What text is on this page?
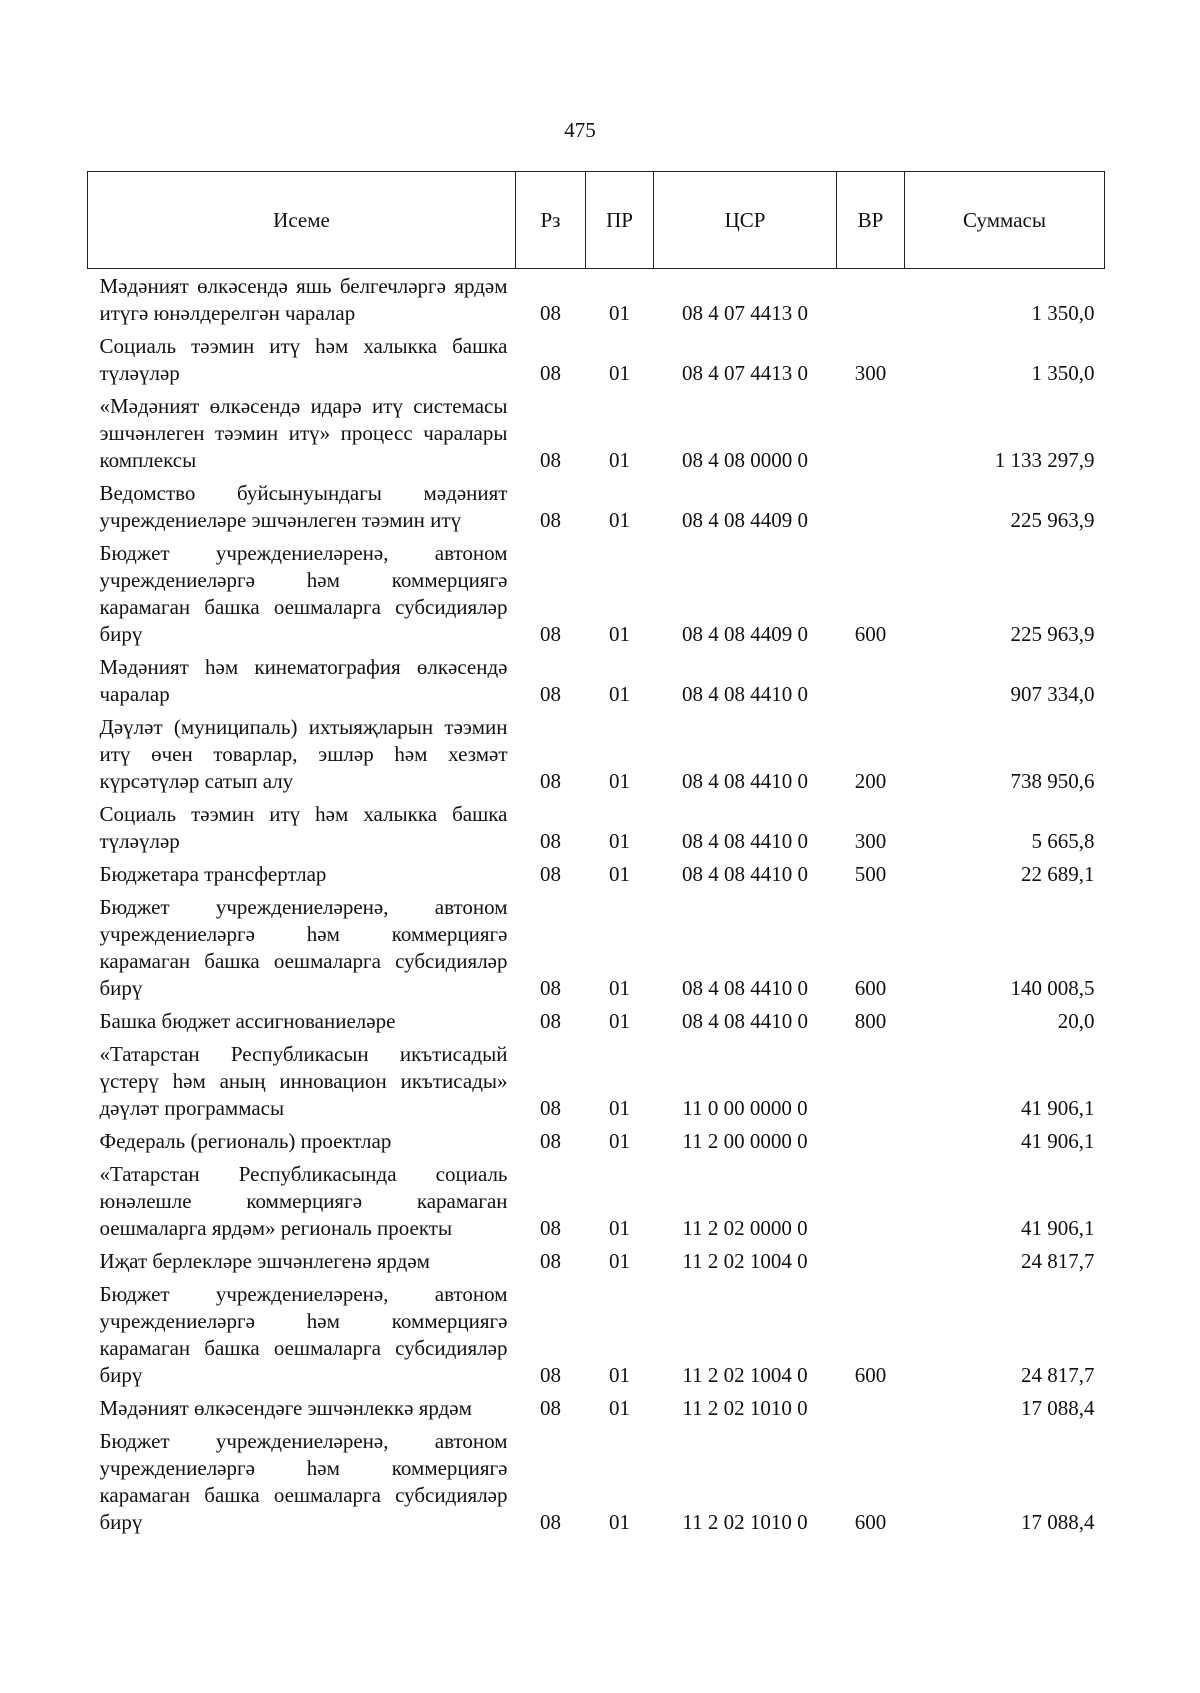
475
Исеме	Рз	ПР	ЦСР	ВР	Суммасы
Мәдәният өлкәсендә яшь белгечләргә ярдәм итүгә юнәлдерелгән чаралар	08	01	08 4 07 4413 0		1 350,0
Социаль тәэмин итү һәм халыкка башка түләүләр	08	01	08 4 07 4413 0	300	1 350,0
«Мәдәният өлкәсендә идарә итү системасы эшчәнлеген тәэмин итү» процесс чаралары комплексы	08	01	08 4 08 0000 0		1 133 297,9
Ведомство буйсынуындагы мәдәният учреждениеләре эшчәнлеген тәэмин итү	08	01	08 4 08 4409 0		225 963,9
Бюджет учреждениеләренә, автоном учреждениеләргә һәм коммерциягә карамаган башка оешмаларга субсидияләр бирү	08	01	08 4 08 4409 0	600	225 963,9
Мәдәният һәм кинематография өлкәсендә чаралар	08	01	08 4 08 4410 0		907 334,0
Дәүләт (муниципаль) ихтыяҗларын тәэмин итү өчен товарлар, эшләр һәм хезмәт күрсәтүләр сатып алу	08	01	08 4 08 4410 0	200	738 950,6
Социаль тәэмин итү һәм халыкка башка түләүләр	08	01	08 4 08 4410 0	300	5 665,8
Бюджетара трансфертлар	08	01	08 4 08 4410 0	500	22 689,1
Бюджет учреждениеләренә, автоном учреждениеләргә һәм коммерциягә карамаган башка оешмаларга субсидияләр бирү	08	01	08 4 08 4410 0	600	140 008,5
Башка бюджет ассигнованиеләре	08	01	08 4 08 4410 0	800	20,0
«Татарстан Республикасын икътисадый үстерү һәм аның инновацион икътисады» дәүләт программасы	08	01	11 0 00 0000 0		41 906,1
Федераль (региональ) проектлар	08	01	11 2 00 0000 0		41 906,1
«Татарстан Республикасында социаль юнәлешле коммерциягә карамаган оешмаларга ярдәм» региональ проекты	08	01	11 2 02 0000 0		41 906,1
Иҗат берлекләре эшчәнлегенә ярдәм	08	01	11 2 02 1004 0		24 817,7
Бюджет учреждениеләренә, автоном учреждениеләргә һәм коммерциягә карамаган башка оешмаларга субсидияләр бирү	08	01	11 2 02 1004 0	600	24 817,7
Мәдәният өлкәсендәге эшчәнлеккә ярдәм	08	01	11 2 02 1010 0		17 088,4
Бюджет учреждениеләренә, автоном учреждениеләргә һәм коммерциягә карамаган башка оешмаларга субсидияләр бирү	08	01	11 2 02 1010 0	600	17 088,4
